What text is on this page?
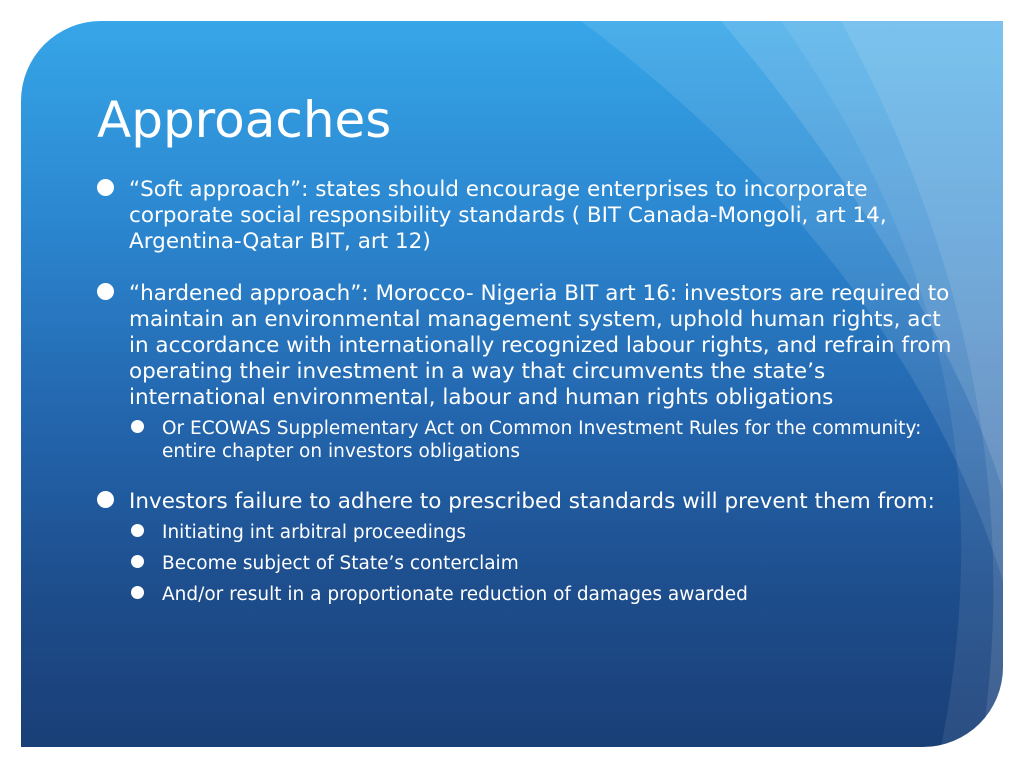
Approaches
“Soft approach”: states should encourage enterprises to incorporate corporate social responsibility standards ( BIT Canada-Mongoli, art 14, Argentina-Qatar BIT, art 12)
“hardened approach”: Morocco- Nigeria BIT art 16: investors are required to maintain an environmental management system, uphold human rights, act in accordance with internationally recognized labour rights, and refrain from operating their investment in a way that circumvents the state’s international environmental, labour and human rights obligations
Or ECOWAS Supplementary Act on Common Investment Rules for the community: entire chapter on investors obligations
Investors failure to adhere to prescribed standards will prevent them from:
Initiating int arbitral proceedings
Become subject of State’s conterclaim
And/or result in a proportionate reduction of damages awarded
